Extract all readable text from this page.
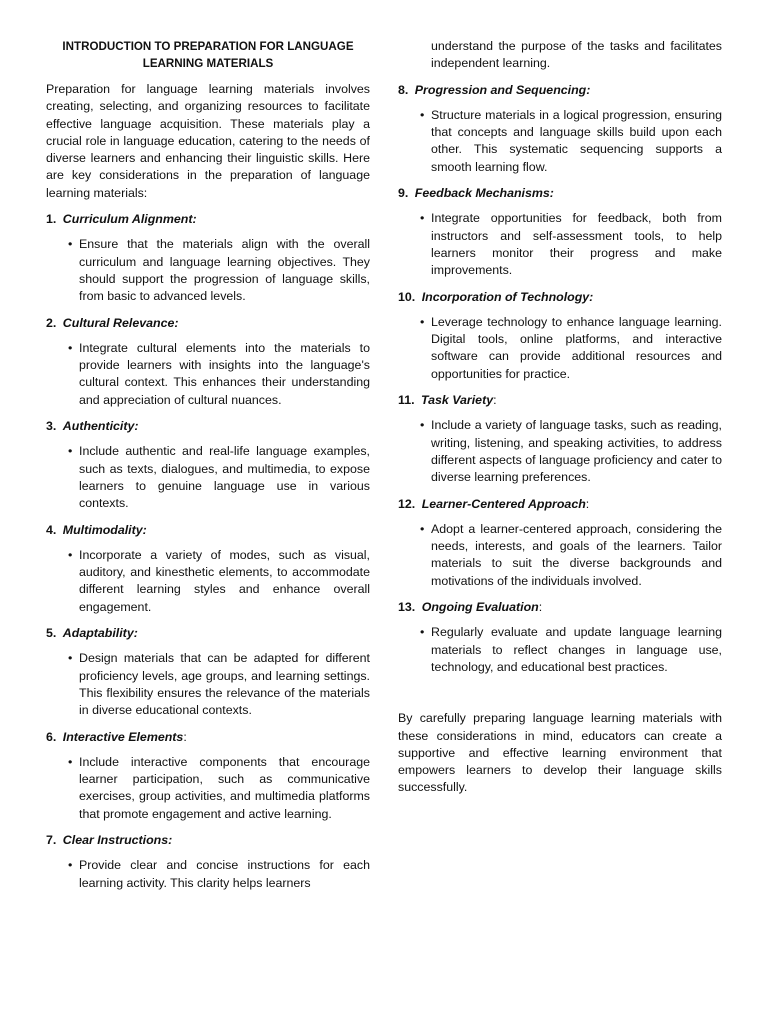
INTRODUCTION TO PREPARATION FOR LANGUAGE
LEARNING MATERIALS

Preparation for language learning materials involves creating, selecting, and organizing resources to facilitate effective language acquisition. These materials play a crucial role in language education, catering to the needs of diverse learners and enhancing their linguistic skills. Here are key considerations in the preparation of language learning materials:

1. Curriculum Alignment:
• Ensure that the materials align with the overall curriculum and language learning objectives. They should support the progression of language skills, from basic to advanced levels.
2. Cultural Relevance:
• Integrate cultural elements into the materials to provide learners with insights into the language's cultural context. This enhances their understanding and appreciation of cultural nuances.
3. Authenticity:
• Include authentic and real-life language examples, such as texts, dialogues, and multimedia, to expose learners to genuine language use in various contexts.
4. Multimodality:
• Incorporate a variety of modes, such as visual, auditory, and kinesthetic elements, to accommodate different learning styles and enhance overall engagement.
5. Adaptability:
• Design materials that can be adapted for different proficiency levels, age groups, and learning settings. This flexibility ensures the relevance of the materials in diverse educational contexts.
6. Interactive Elements:
• Include interactive components that encourage learner participation, such as communicative exercises, group activities, and multimedia platforms that promote engagement and active learning.
7. Clear Instructions:
• Provide clear and concise instructions for each learning activity. This clarity helps learners

understand the purpose of the tasks and facilitates independent learning.

8. Progression and Sequencing:
• Structure materials in a logical progression, ensuring that concepts and language skills build upon each other. This systematic sequencing supports a smooth learning flow.
9. Feedback Mechanisms:
• Integrate opportunities for feedback, both from instructors and self-assessment tools, to help learners monitor their progress and make improvements.
10. Incorporation of Technology:
• Leverage technology to enhance language learning. Digital tools, online platforms, and interactive software can provide additional resources and opportunities for practice.
11. Task Variety:
• Include a variety of language tasks, such as reading, writing, listening, and speaking activities, to address different aspects of language proficiency and cater to diverse learning preferences.
12. Learner-Centered Approach:
• Adopt a learner-centered approach, considering the needs, interests, and goals of the learners. Tailor materials to suit the diverse backgrounds and motivations of the individuals involved.
13. Ongoing Evaluation:
• Regularly evaluate and update language learning materials to reflect changes in language use, technology, and educational best practices.

By carefully preparing language learning materials with these considerations in mind, educators can create a supportive and effective learning environment that empowers learners to develop their language skills successfully.
